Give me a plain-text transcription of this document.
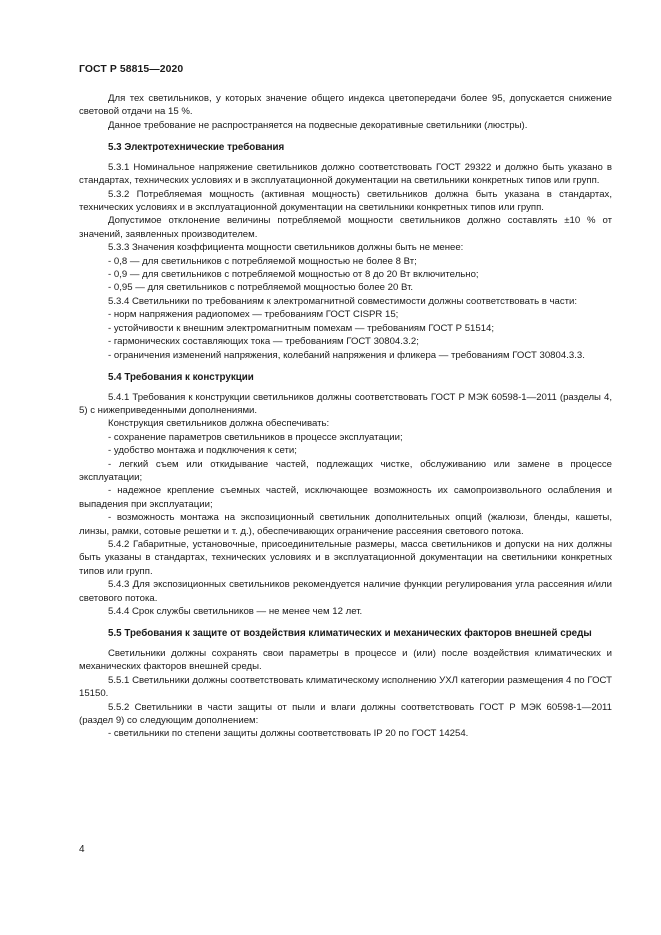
ГОСТ Р 58815—2020

Для тех светильников, у которых значение общего индекса цветопередачи более 95, допускается снижение световой отдачи на 15 %.

Данное требование не распространяется на подвесные декоративные светильники (люстры).

5.3 Электротехнические требования

5.3.1 Номинальное напряжение светильников должно соответствовать ГОСТ 29322 и должно быть указано в стандартах, технических условиях и в эксплуатационной документации на светильники конкретных типов или групп.

5.3.2 Потребляемая мощность (активная мощность) светильников должна быть указана в стандартах, технических условиях и в эксплуатационной документации на светильники конкретных типов или групп.

Допустимое отклонение величины потребляемой мощности светильников должно составлять ±10 % от значений, заявленных производителем.

5.3.3 Значения коэффициента мощности светильников должны быть не менее:

- 0,8 — для светильников с потребляемой мощностью не более 8 Вт;

- 0,9 — для светильников с потребляемой мощностью от 8 до 20 Вт включительно;

- 0,95 — для светильников с потребляемой мощностью более 20 Вт.

5.3.4 Светильники по требованиям к электромагнитной совместимости должны соответствовать в части:

- норм напряжения радиопомех — требованиям ГОСТ CISPR 15;

- устойчивости к внешним электромагнитным помехам — требованиям ГОСТ Р 51514;

- гармонических составляющих тока — требованиям ГОСТ 30804.3.2;

- ограничения изменений напряжения, колебаний напряжения и фликера — требованиям ГОСТ 30804.3.3.

5.4 Требования к конструкции

5.4.1 Требования к конструкции светильников должны соответствовать ГОСТ Р МЭК 60598-1—2011 (разделы 4, 5) с нижеприведенными дополнениями.

Конструкция светильников должна обеспечивать:

- сохранение параметров светильников в процессе эксплуатации;

- удобство монтажа и подключения к сети;

- легкий съем или откидывание частей, подлежащих чистке, обслуживанию или замене в процессе эксплуатации;

- надежное крепление съемных частей, исключающее возможность их самопроизвольного ослабления и выпадения при эксплуатации;

- возможность монтажа на экспозиционный светильник дополнительных опций (жалюзи, бленды, кашеты, линзы, рамки, сотовые решетки и т. д.), обеспечивающих ограничение рассеяния светового потока.

5.4.2 Габаритные, установочные, присоединительные размеры, масса светильников и допуски на них должны быть указаны в стандартах, технических условиях и в эксплуатационной документации на светильники конкретных типов или групп.

5.4.3 Для экспозиционных светильников рекомендуется наличие функции регулирования угла рассеяния и/или светового потока.

5.4.4 Срок службы светильников — не менее чем 12 лет.

5.5 Требования к защите от воздействия климатических и механических факторов внешней среды

Светильники должны сохранять свои параметры в процессе и (или) после воздействия климатических и механических факторов внешней среды.

5.5.1 Светильники должны соответствовать климатическому исполнению УХЛ категории размещения 4 по ГОСТ 15150.

5.5.2 Светильники в части защиты от пыли и влаги должны соответствовать ГОСТ Р МЭК 60598-1—2011 (раздел 9) со следующим дополнением:

- светильники по степени защиты должны соответствовать IP 20 по ГОСТ 14254.

4
